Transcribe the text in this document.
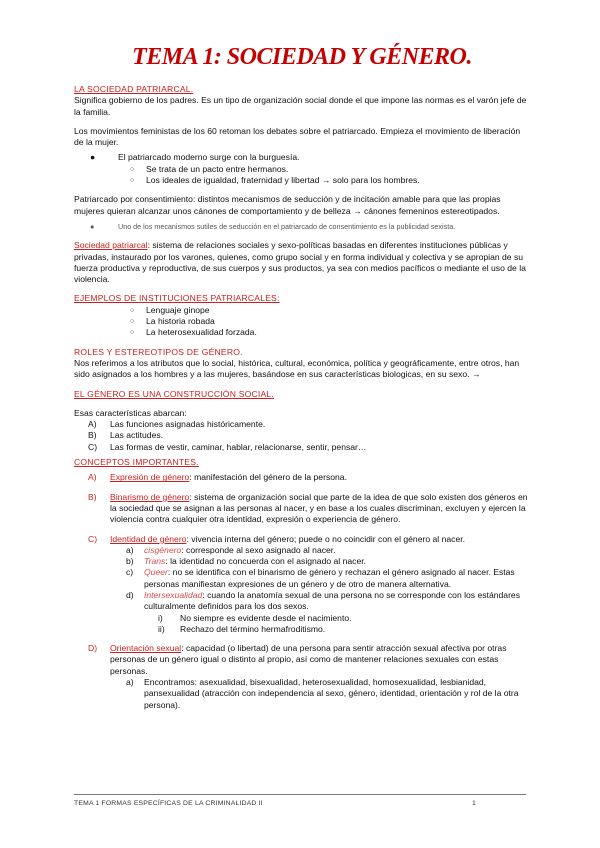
TEMA 1: SOCIEDAD Y GÉNERO.
LA SOCIEDAD PATRIARCAL.
Significa gobierno de los padres. Es un tipo de organización social donde el que impone las normas es el varón jefe de la familia.
Los movimientos feministas de los 60 retoman los debates sobre el patriarcado. Empieza el movimiento de liberación de la mujer.
●	El patriarcado moderno surge con la burguesía.
○ Se trata de un pacto entre hermanos.
○ Los ideales de igualdad, fraternidad y libertad → solo para los hombres.
Patriarcado por consentimiento: distintos mecanismos de seducción y de incitación amable para que las propias mujeres quieran alcanzar unos cánones de comportamiento y de belleza → cánones femeninos estereotipados.
●	Uno de los mecanismos sutiles de seducción en el patriarcado de consentimiento es la publicidad sexista.
Sociedad patriarcal: sistema de relaciones sociales y sexo-políticas basadas en diferentes instituciones públicas y privadas, instaurado por los varones, quienes, como grupo social y en forma individual y colectiva y se apropian de su fuerza productiva y reproductiva, de sus cuerpos y sus productos, ya sea con medios pacíficos o mediante el uso de la violencia.
EJEMPLOS DE INSTITUCIONES PATRIARCALES:
○ Lenguaje ginope
○ La historia robada
○ La heterosexualidad forzada.
ROLES Y ESTEREOTIPOS DE GÉNERO.
Nos referimos a los atributos que lo social, histórica, cultural, económica, política y geográficamente, entre otros, han sido asignados a los hombres y a las mujeres, basándose en sus características biologicas, en su sexo. →
EL GÉNERO ES UNA CONSTRUCCIÓN SOCIAL.
Esas características abarcan:
A) Las funciones asignadas históricamente.
B) Las actitudes.
C) Las formas de vestir, caminar, hablar, relacionarse, sentir, pensar…
CONCEPTOS IMPORTANTES.
A) Expresión de género: manifestación del género de la persona.
B) Binarismo de género: sistema de organización social que parte de la idea de que solo existen dos géneros en la sociedad que se asignan a las personas al nacer, y en base a los cuales discriminan, excluyen y ejercen la violencia contra cualquier otra identidad, expresión o experiencia de género.
C) Identidad de género: vivencia interna del género; puede o no coincidir con el género al nacer.
a) cisgénero: corresponde al sexo asignado al nacer.
b) Trans: la identidad no concuerda con el asignado al nacer.
c) Queer: no se identifica con el binarismo de género y rechazan el género asignado al nacer. Estas personas manifiestan expresiones de un género y de otro de manera alternativa.
d) Intersexualidad: cuando la anatomía sexual de una persona no se corresponde con los estándares culturalmente definidos para los dos sexos.
i) No siempre es evidente desde el nacimiento.
ii) Rechazo del término hermafroditismo.
D) Orientación sexual: capacidad (o libertad) de una persona para sentir atracción sexual afectiva por otras personas de un género igual o distinto al propio, así como de mantener relaciones sexuales con estas personas.
a) Encontramos: asexualidad, bisexualidad, heterosexualidad, homosexualidad, lesbianidad, pansexualidad (atracción con independencia al sexo, género, identidad, orientación y rol de la otra persona).
TEMA 1 FORMAS ESPECÍFICAS DE LA CRIMINALIDAD II	1
